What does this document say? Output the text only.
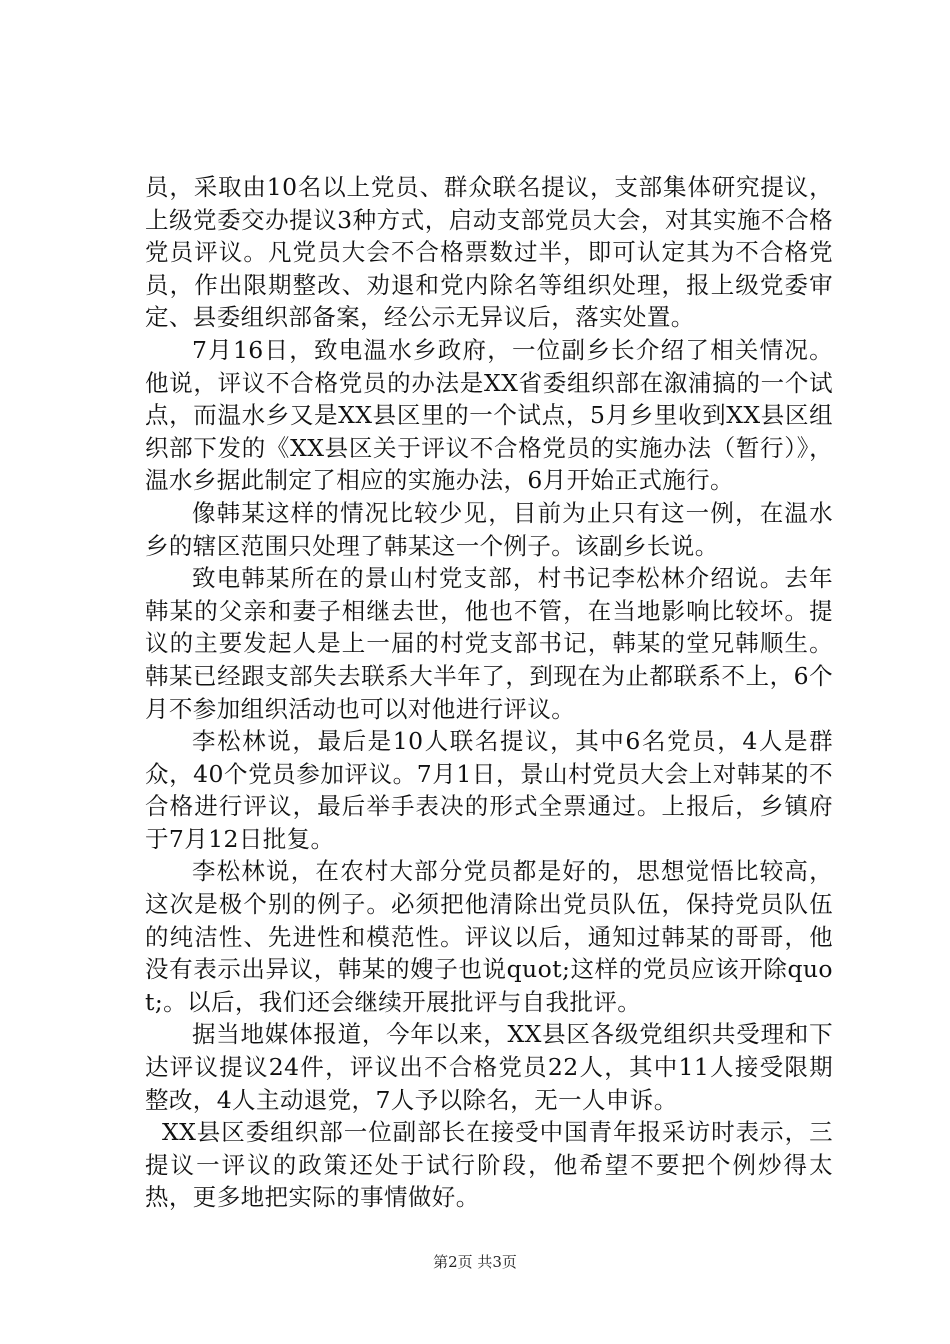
员，采取由10名以上党员、群众联名提议，支部集体研究提议，上级党委交办提议3种方式，启动支部党员大会，对其实施不合格党员评议。凡党员大会不合格票数过半，即可认定其为不合格党员，作出限期整改、劝退和党内除名等组织处理，报上级党委审定、县委组织部备案，经公示无异议后，落实处置。

7月16日，致电温水乡政府，一位副乡长介绍了相关情况。他说，评议不合格党员的办法是XX省委组织部在溆浦搞的一个试点，而温水乡又是XX县区里的一个试点，5月乡里收到XX县区组织部下发的《XX县区关于评议不合格党员的实施办法（暂行）》，温水乡据此制定了相应的实施办法，6月开始正式施行。

像韩某这样的情况比较少见，目前为止只有这一例，在温水乡的辖区范围只处理了韩某这一个例子。该副乡长说。

致电韩某所在的景山村党支部，村书记李松林介绍说。去年韩某的父亲和妻子相继去世，他也不管，在当地影响比较坏。提议的主要发起人是上一届的村党支部书记，韩某的堂兄韩顺生。韩某已经跟支部失去联系大半年了，到现在为止都联系不上，6个月不参加组织活动也可以对他进行评议。

李松林说，最后是10人联名提议，其中6名党员，4人是群众，40个党员参加评议。7月1日，景山村党员大会上对韩某的不合格进行评议，最后举手表决的形式全票通过。上报后，乡镇府于7月12日批复。

李松林说，在农村大部分党员都是好的，思想觉悟比较高，这次是极个别的例子。必须把他清除出党员队伍，保持党员队伍的纯洁性、先进性和模范性。评议以后，通知过韩某的哥哥，他没有表示出异议，韩某的嫂子也说quot;这样的党员应该开除quot;。以后，我们还会继续开展批评与自我批评。

据当地媒体报道，今年以来，XX县区各级党组织共受理和下达评议提议24件，评议出不合格党员22人，其中11人接受限期整改，4人主动退党，7人予以除名，无一人申诉。

XX县区委组织部一位副部长在接受中国青年报采访时表示，三提议一评议的政策还处于试行阶段，他希望不要把个例炒得太热，更多地把实际的事情做好。

第2页 共3页
